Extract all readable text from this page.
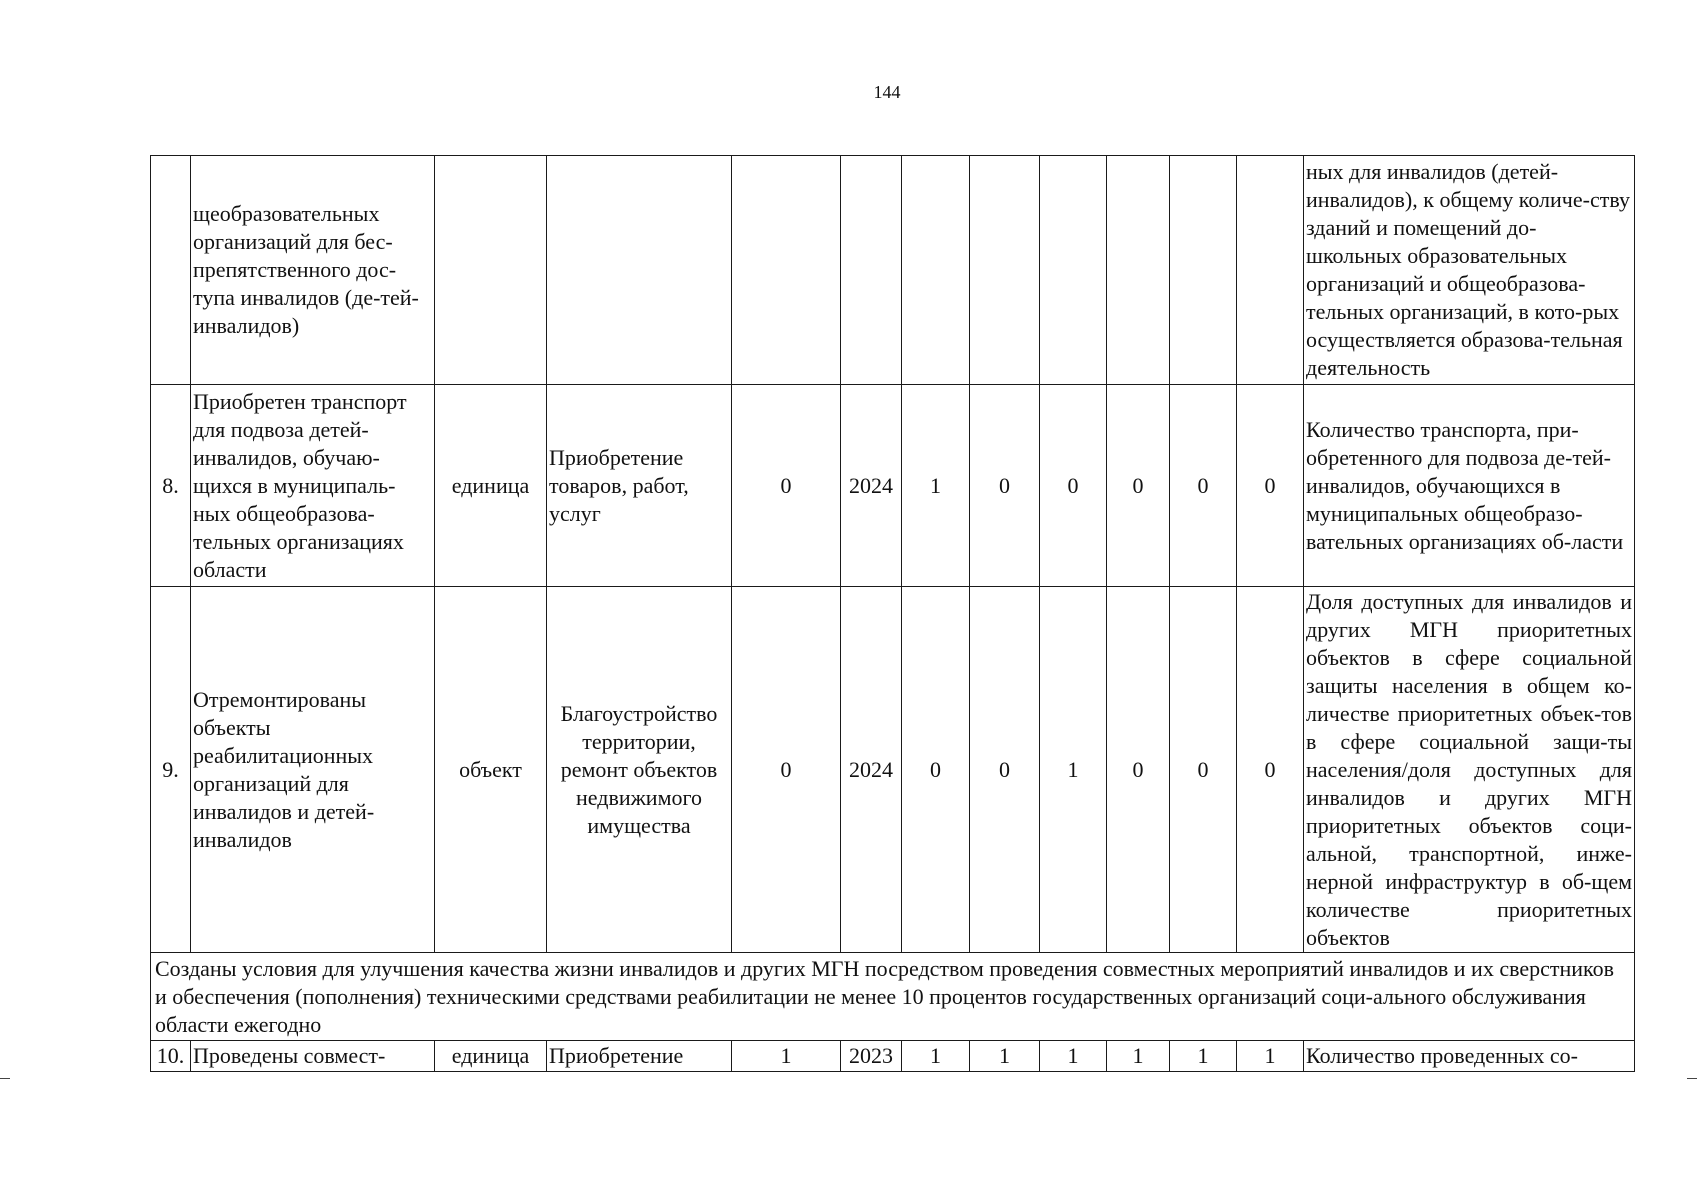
144
	щеобразовательных организаций для бес-препятственного дос-тупа инвалидов (де-тей-инвалидов)											ных для инвалидов (детей-инвалидов), к общему количе-ству зданий и помещений до-школьных образовательных организаций и общеобразова-тельных организаций, в кото-рых осуществляется образова-тельная деятельность
8.	Приобретен транспорт для подвоза детей-инвалидов, обучаю-щихся в муниципаль-ных общеобразова-тельных организациях области	единица	Приобретение товаров, работ, услуг	0	2024	1	0	0	0	0	0	Количество транспорта, при-обретенного для подвоза де-тей-инвалидов, обучающихся в муниципальных общеобразо-вательных организациях об-ласти
9.	Отремонтированы объекты реабилитационных организаций для инвалидов и детей-инвалидов	объект	Благоустройство территории, ремонт объектов недвижимого имущества	0	2024	0	0	1	0	0	0	Доля доступных для инвалидов и других МГН приоритетных объектов в сфере социальной защиты населения в общем ко-личестве приоритетных объек-тов в сфере социальной защи-ты населения/доля доступных для инвалидов и других МГН приоритетных объектов соци-альной, транспортной, инже-нерной инфраструктур в об-щем количестве приоритетных объектов
Созданы условия для улучшения качества жизни инвалидов и других МГН посредством проведения совместных мероприятий инвалидов и их сверстников и обеспечения (пополнения) техническими средствами реабилитации не менее 10 процентов государственных организаций соци-ального обслуживания области ежегодно												
10.	Проведены совмест-	единица	Приобретение	1	2023	1	1	1	1	1	1	Количество проведенных со-
